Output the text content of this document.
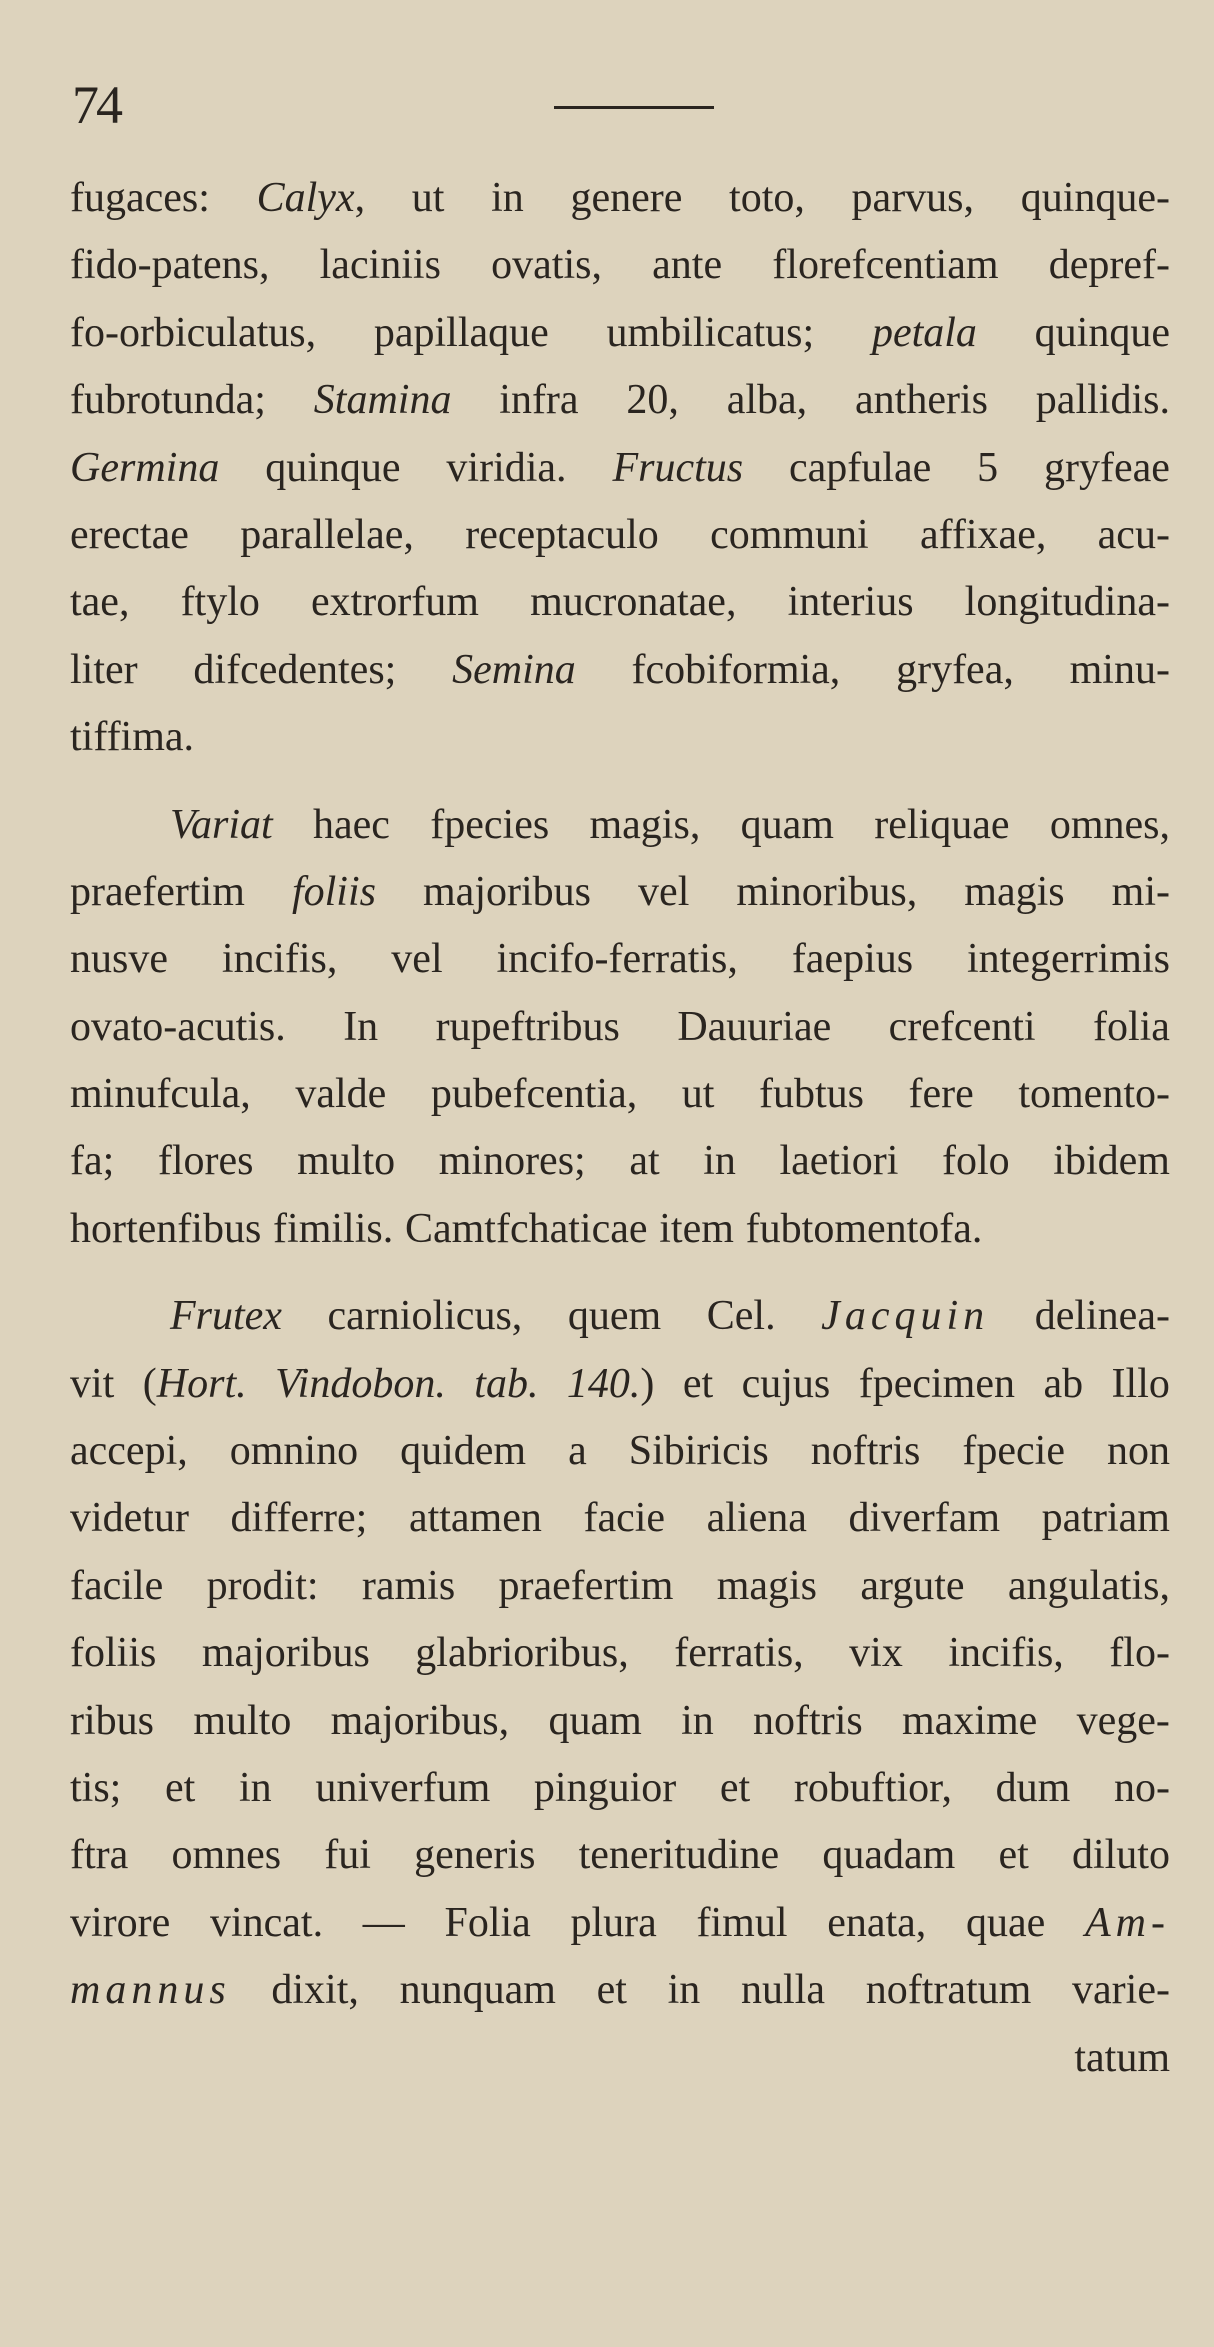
74
fugaces: Calyx, ut in genere toto, parvus, quinque-
fido-patens, laciniis ovatis, ante florefcentiam depref-
fo-orbiculatus, papillaque umbilicatus; petala quinque
fubrotunda; Stamina infra 20, alba, antheris pallidis.
Germina quinque viridia. Fructus capfulae 5 gryfeae
erectae parallelae, receptaculo communi affixae, acu-
tae, ftylo extrorfum mucronatae, interius longitudina-
liter difcedentes; Semina fcobiformia, gryfea, minu-
tiffima.
Variat haec fpecies magis, quam reliquae omnes,
praefertim foliis majoribus vel minoribus, magis mi-
nusve incifis, vel incifo-ferratis, faepius integerrimis
ovato-acutis. In rupeftribus Dauuriae crefcenti folia
minufcula, valde pubefcentia, ut fubtus fere tomento-
fa; flores multo minores; at in laetiori folo ibidem
hortenfibus fimilis. Camtfchaticae item fubtomentofa.
Frutex carniolicus, quem Cel. Jacquin delinea-
vit (Hort. Vindobon. tab. 140.) et cujus fpecimen ab Illo
accepi, omnino quidem a Sibiricis noftris fpecie non
videtur differre; attamen facie aliena diverfam patriam
facile prodit: ramis praefertim magis argute angulatis,
foliis majoribus glabrioribus, ferratis, vix incifis, flo-
ribus multo majoribus, quam in noftris maxime vege-
tis; et in univerfum pinguior et robuftior, dum no-
ftra omnes fui generis teneritudine quadam et diluto
virore vincat. — Folia plura fimul enata, quae Am-
mannus dixit, nunquam et in nulla noftratum varie-
tatum
